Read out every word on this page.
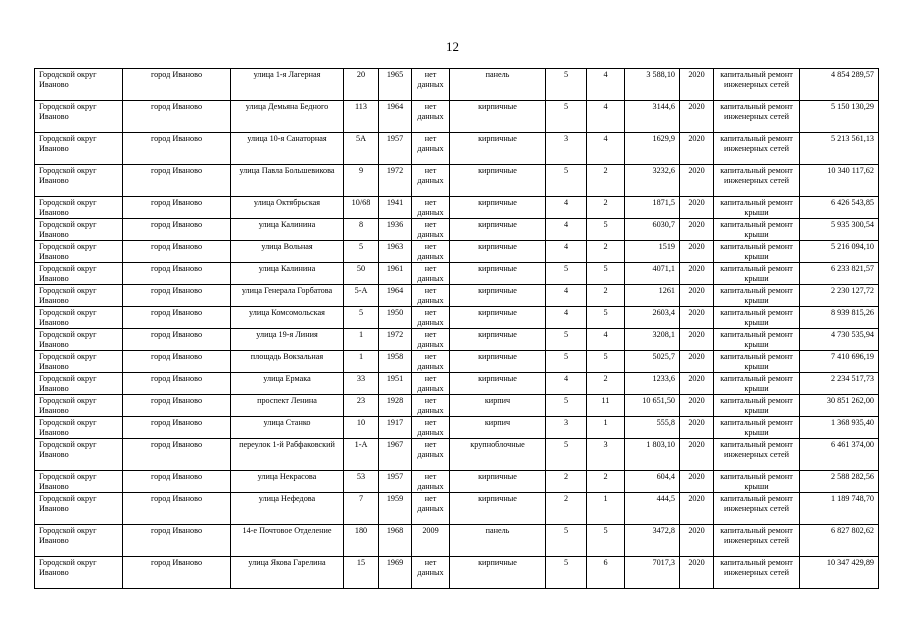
12
Городской округ Иваново	город Иваново	улица 1-я Лагерная	20	1965	нет данных	панель	5	4	3 588,10	2020	капитальный ремонт инженерных сетей	4 854 289,57
Городской округ Иваново	город Иваново	улица Демьяна Бедного	113	1964	нет данных	кирпичные	5	4	3144,6	2020	капитальный ремонт инженерных сетей	5 150 130,29
Городской округ Иваново	город Иваново	улица 10-я Санаторная	5А	1957	нет данных	кирпичные	3	4	1629,9	2020	капитальный ремонт инженерных сетей	5 213 561,13
Городской округ Иваново	город Иваново	улица Павла Большевикова	9	1972	нет данных	кирпичные	5	2	3232,6	2020	капитальный ремонт инженерных сетей	10 340 117,62
Городской округ Иваново	город Иваново	улица Октябрьская	10/68	1941	нет данных	кирпичные	4	2	1871,5	2020	капитальный ремонт крыши	6 426 543,85
Городской округ Иваново	город Иваново	улица Калинина	8	1936	нет данных	кирпичные	4	5	6030,7	2020	капитальный ремонт крыши	5 935 300,54
Городской округ Иваново	город Иваново	улица Вольная	5	1963	нет данных	кирпичные	4	2	1519	2020	капитальный ремонт крыши	5 216 094,10
Городской округ Иваново	город Иваново	улица Калинина	50	1961	нет данных	кирпичные	5	5	4071,1	2020	капитальный ремонт крыши	6 233 821,57
Городской округ Иваново	город Иваново	улица Генерала Горбатова	5-А	1964	нет данных	кирпичные	4	2	1261	2020	капитальный ремонт крыши	2 230 127,72
Городской округ Иваново	город Иваново	улица Комсомольская	5	1950	нет данных	кирпичные	4	5	2603,4	2020	капитальный ремонт крыши	8 939 815,26
Городской округ Иваново	город Иваново	улица 19-я Линия	1	1972	нет данных	кирпичные	5	4	3208,1	2020	капитальный ремонт крыши	4 730 535,94
Городской округ Иваново	город Иваново	площадь Вокзальная	1	1958	нет данных	кирпичные	5	5	5025,7	2020	капитальный ремонт крыши	7 410 696,19
Городской округ Иваново	город Иваново	улица Ермака	33	1951	нет данных	кирпичные	4	2	1233,6	2020	капитальный ремонт крыши	2 234 517,73
Городской округ Иваново	город Иваново	проспект Ленина	23	1928	нет данных	кирпич	5	11	10 651,50	2020	капитальный ремонт крыши	30 851 262,00
Городской округ Иваново	город Иваново	улица Станко	10	1917	нет данных	кирпич	3	1	555,8	2020	капитальный ремонт крыши	1 368 935,40
Городской округ Иваново	город Иваново	переулок 1-й Рабфаковский	1-А	1967	нет данных	крупноблочные	5	3	1 803,10	2020	капитальный ремонт инженерных сетей	6 461 374,00
Городской округ Иваново	город Иваново	улица Некрасова	53	1957	нет данных	кирпичные	2	2	604,4	2020	капитальный ремонт крыши	2 588 282,56
Городской округ Иваново	город Иваново	улица Нефедова	7	1959	нет данных	кирпичные	2	1	444,5	2020	капитальный ремонт инженерных сетей	1 189 748,70
Городской округ Иваново	город Иваново	14-е Почтовое Отделение	180	1968	2009	панель	5	5	3472,8	2020	капитальный ремонт инженерных сетей	6 827 802,62
Городской округ Иваново	город Иваново	улица Якова Гарелина	15	1969	нет данных	кирпичные	5	6	7017,3	2020	капитальный ремонт инженерных сетей	10 347 429,89
